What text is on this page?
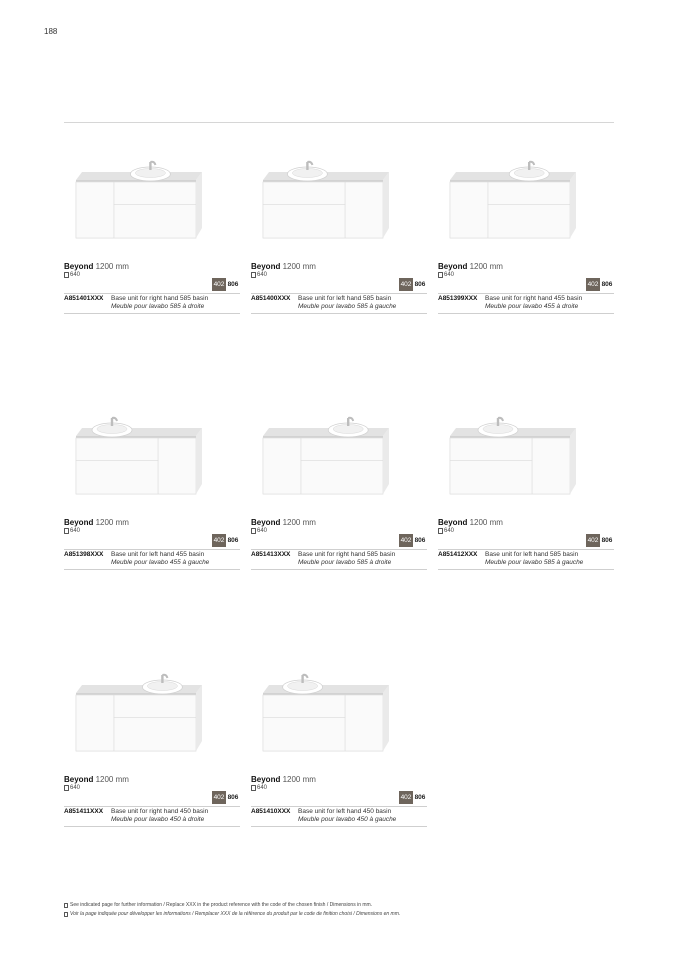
188
Beyond 1200 mm
640
402 806
A851401XXX Base unit for right hand 585 basin
Meuble pour lavabo 585 à droite
Beyond 1200 mm
640
402 806
A851400XXX Base unit for left hand 585 basin
Meuble pour lavabo 585 à gauche
Beyond 1200 mm
640
402 806
A851399XXX Base unit for right hand 455 basin
Meuble pour lavabo 455 à droite
Beyond 1200 mm
640
402 806
A851398XXX Base unit for left hand 455 basin
Meuble pour lavabo 455 à gauche
Beyond 1200 mm
640
402 806
A851413XXX Base unit for right hand 585 basin
Meuble pour lavabo 585 à droite
Beyond 1200 mm
640
402 806
A851412XXX Base unit for left hand 585 basin
Meuble pour lavabo 585 à gauche
Beyond 1200 mm
640
402 806
A851411XXX Base unit for right hand 450 basin
Meuble pour lavabo 450 à droite
Beyond 1200 mm
640
402 806
A851410XXX Base unit for left hand 450 basin
Meuble pour lavabo 450 à gauche
See indicated page for further information / Replace XXX in the product reference with the code of the chosen finish / Dimensions in mm.
Voir la page indiquée pour développer les informations / Remplacer XXX de la référence du produit par le code de finition choisi / Dimensions en mm.
